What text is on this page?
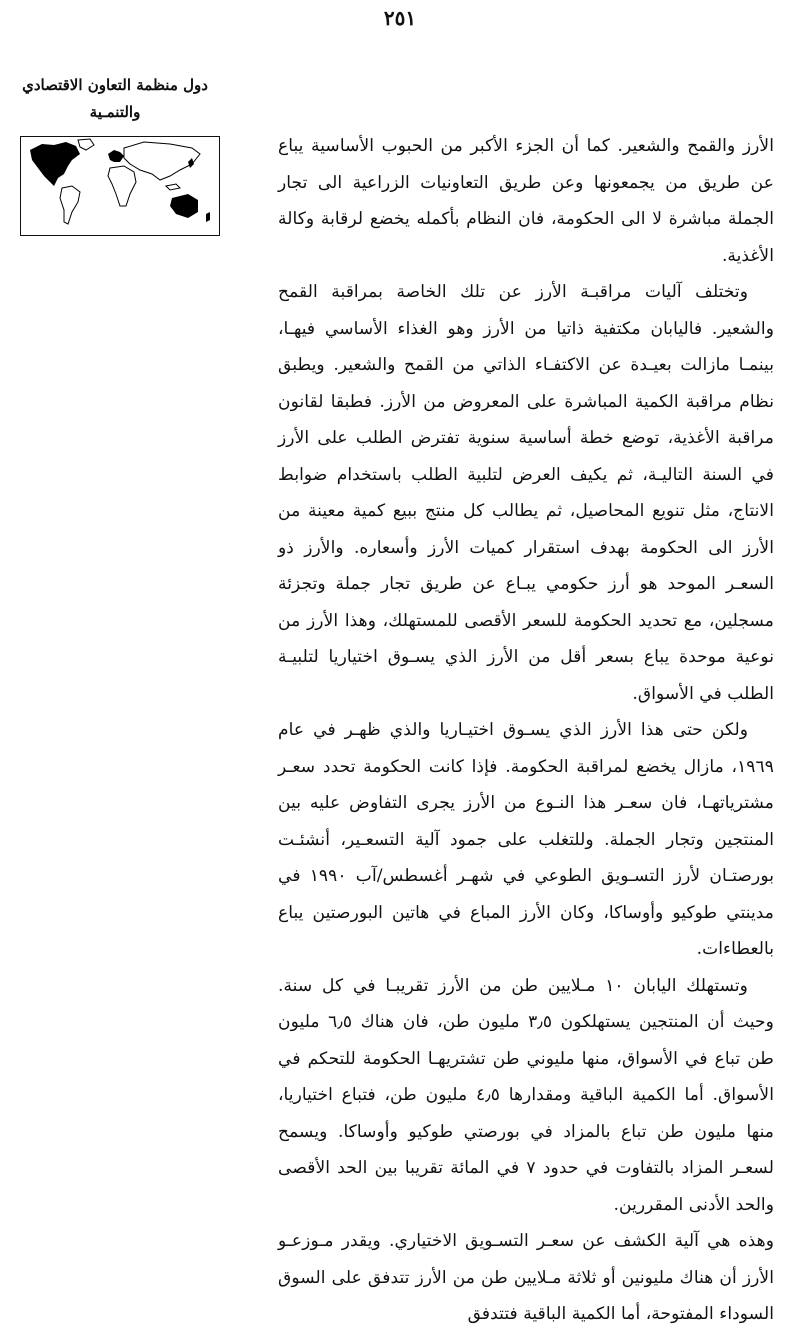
٢٥١
دول منظمة التعاون الاقتصادي
والتنمـية

الأرز والقمح والشعير. كما أن الجزء الأكبر من الحبوب الأساسية يباع عن طريق من يجمعونها وعن طريق التعاونيات الزراعية الى تجار الجملة مباشرة لا الى الحكومة، فان النظام بأكمله يخضع لرقابة وكالة الأغذية.

وتختلف آليات مراقبـة الأرز عن تلك الخاصة بمراقبة القمح والشعير. فاليابان مكتفية ذاتيا من الأرز وهو الغذاء الأساسي فيهـا، بينمـا مازالت بعيـدة عن الاكتفـاء الذاتي من القمح والشعير. ويطبق نظام مراقبة الكمية المباشرة على المعروض من الأرز. فطبقا لقانون مراقبة الأغذية، توضع خطة أساسية سنوية تفترض الطلب على الأرز في السنة التاليـة، ثم يكيف العرض لتلبية الطلب باستخدام ضوابط الانتاج، مثل تنويع المحاصيل، ثم يطالب كل منتج ببيع كمية معينة من الأرز الى الحكومة بهدف استقرار كميات الأرز وأسعاره. والأرز ذو السعـر الموحد هو أرز حكومي يبـاع عن طريق تجار جملة وتجزئة مسجلين، مع تحديد الحكومة للسعر الأقصى للمستهلك، وهذا الأرز من نوعية موحدة يباع بسعر أقل من الأرز الذي يسـوق اختياريا لتلبيـة الطلب في الأسواق.

ولكن حتى هذا الأرز الذي يسـوق اختيـاريا والذي ظهـر في عام ١٩٦٩، مازال يخضع لمراقبة الحكومة. فإذا كانت الحكومة تحدد سعـر مشترياتهـا، فان سعـر هذا النـوع من الأرز يجرى التفاوض عليه بين المنتجين وتجار الجملة. وللتغلب على جمود آلية التسعـير، أنشئـت بورصتـان لأرز التسـويق الطوعي في شهـر أغسطس/آب ١٩٩٠ في مدينتي طوكيو وأوساكا، وكان الأرز المباع في هاتين البورصتين يباع بالعطاءات.

وتستهلك اليابان ١٠ مـلايين طن من الأرز تقريبـا في كل سنة. وحيث أن المنتجين يستهلكون ٣٫٥ مليون طن، فان هناك ٦٫٥ مليون طن تباع في الأسواق، منها مليوني طن تشتريهـا الحكومة للتحكم في الأسواق. أما الكمية الباقية ومقدارها ٤٫٥ مليون طن، فتباع اختياريا، منها مليون طن تباع بالمزاد في بورصتي طوكيو وأوساكا. ويسمح لسعـر المزاد بالتفاوت في حدود ٧ في المائة تقريبا بين الحد الأقصى والحد الأدنى المقررين.

وهذه هي آلية الكشف عن سعـر التسـويق الاختياري. ويقدر مـوزعـو الأرز أن هناك مليونين أو ثلاثة مـلايين طن من الأرز تتدفق على السوق السوداء المفتوحة، أما الكمية الباقية فتتدفق
